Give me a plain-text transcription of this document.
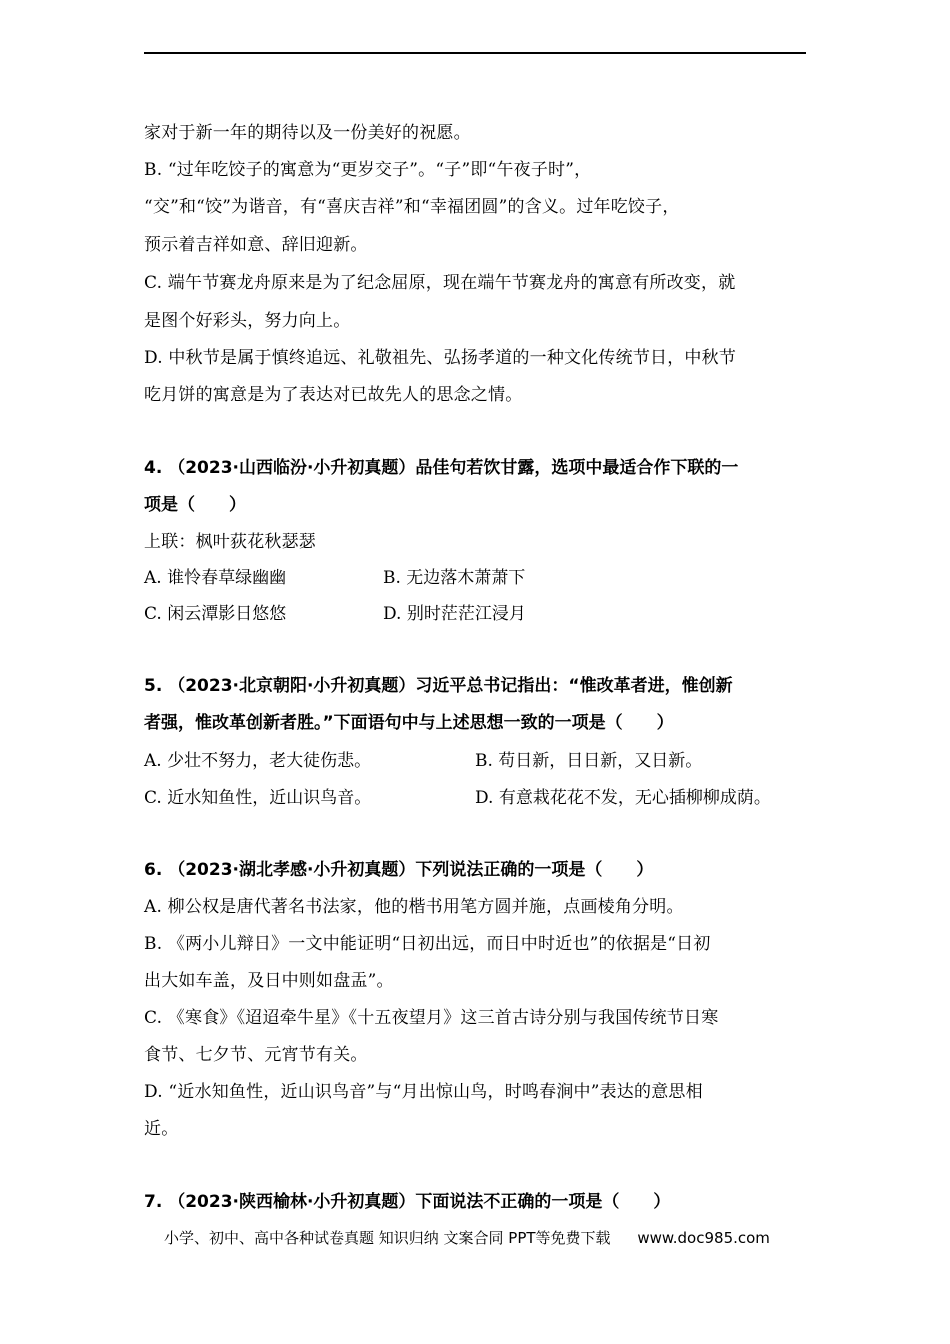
家对于新一年的期待以及一份美好的祝愿。
B. “过年吃饺子的寓意为“更岁交子”。“子”即“午夜子时”，
“交”和“饺”为谐音，有“喜庆吉祥”和“幸福团圆”的含义。过年吃饺子，
预示着吉祥如意、辞旧迎新。
C. 端午节赛龙舟原来是为了纪念屈原，现在端午节赛龙舟的寓意有所改变，就
是图个好彩头，努力向上。
D. 中秋节是属于慎终追远、礼敬祖先、弘扬孝道的一种文化传统节日，中秋节
吃月饼的寓意是为了表达对已故先人的思念之情。
4. （2023·山西临汾·小升初真题）品佳句若饮甘露，选项中最适合作下联的一
项是（　　）
上联：枫叶荻花秋瑟瑟
A. 谁怜春草绿幽幽	B. 无边落木萧萧下
C. 闲云潭影日悠悠	D. 别时茫茫江浸月
5. （2023·北京朝阳·小升初真题）习近平总书记指出：“惟改革者进，惟创新
者强，惟改革创新者胜。”下面语句中与上述思想一致的一项是（　　）
A. 少壮不努力，老大徒伤悲。	B. 苟日新，日日新，又日新。
C. 近水知鱼性，近山识鸟音。	D. 有意栽花花不发，无心插柳柳成荫。
6. （2023·湖北孝感·小升初真题）下列说法正确的一项是（　　）
A. 柳公权是唐代著名书法家，他的楷书用笔方圆并施，点画棱角分明。
B. 《两小儿辩日》一文中能证明“日初出远，而日中时近也”的依据是“日初
出大如车盖，及日中则如盘盂”。
C. 《寒食》《迢迢牵牛星》《十五夜望月》这三首古诗分别与我国传统节日寒
食节、七夕节、元宵节有关。
D. “近水知鱼性，近山识鸟音”与“月出惊山鸟，时鸣春涧中”表达的意思相
近。
7. （2023·陕西榆林·小升初真题）下面说法不正确的一项是（　　）
小学、初中、高中各种试卷真题 知识归纳 文案合同 PPT等免费下载 www.doc985.com
